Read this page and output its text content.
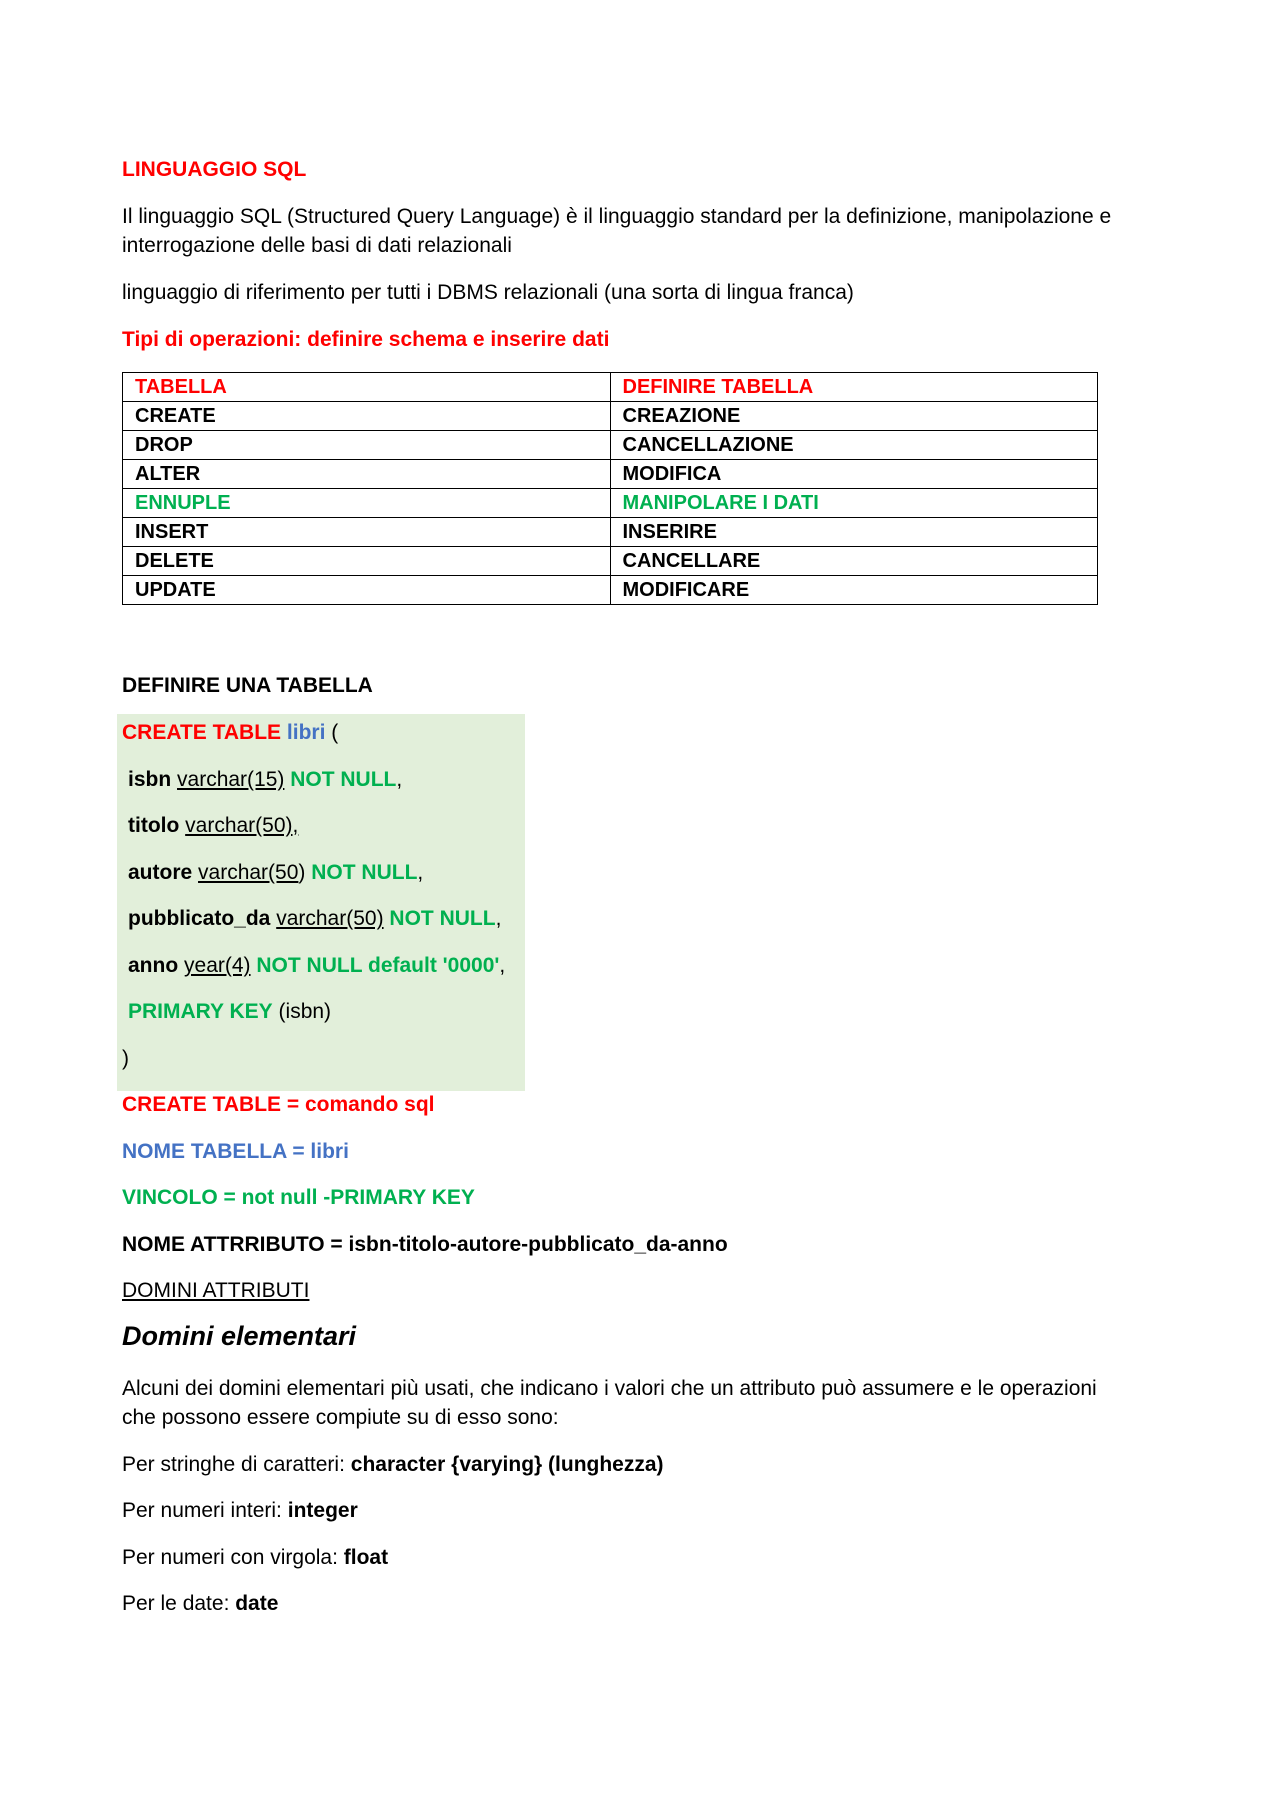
LINGUAGGIO SQL

Il linguaggio SQL (Structured Query Language) è il linguaggio standard per la definizione, manipolazione e

interrogazione delle basi di dati relazionali

linguaggio di riferimento per tutti i DBMS relazionali (una sorta di lingua franca)

Tipi di operazioni: definire schema e inserire dati

TABELLA	DEFINIRE TABELLA
CREATE	CREAZIONE
DROP	CANCELLAZIONE
ALTER	MODIFICA
ENNUPLE	MANIPOLARE I DATI
INSERT	INSERIRE
DELETE	CANCELLARE
UPDATE	MODIFICARE

DEFINIRE UNA TABELLA

CREATE TABLE libri (

isbn varchar(15) NOT NULL,

titolo varchar(50),

autore varchar(50) NOT NULL,

pubblicato_da varchar(50) NOT NULL,

anno year(4) NOT NULL default '0000',

PRIMARY KEY (isbn)

)

CREATE TABLE = comando sql

NOME TABELLA = libri

VINCOLO = not null -PRIMARY KEY

NOME ATTRRIBUTO = isbn-titolo-autore-pubblicato_da-anno

DOMINI ATTRIBUTI

Domini elementari

Alcuni dei domini elementari più usati, che indicano i valori che un attributo può assumere e le operazioni

che possono essere compiute su di esso sono:

Per stringhe di caratteri: character {varying} (lunghezza)

Per numeri interi: integer

Per numeri con virgola: float

Per le date: date
